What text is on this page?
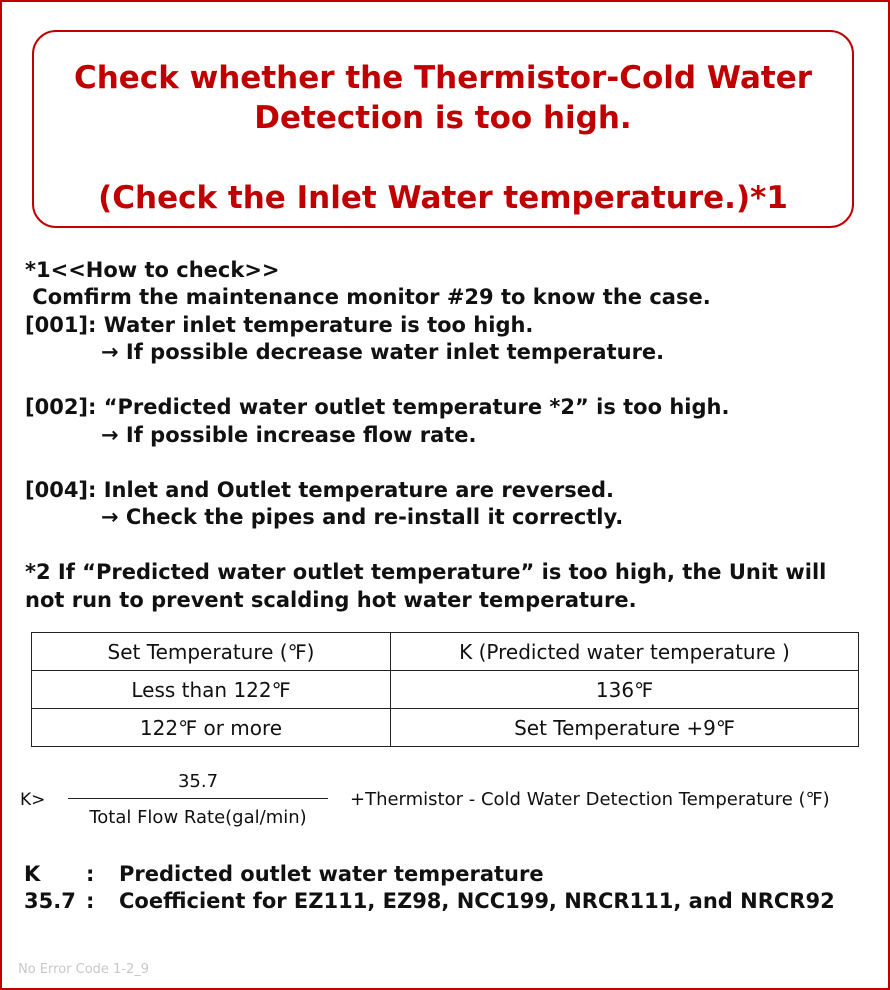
Check whether the Thermistor-Cold Water
Detection is too high.
(Check the Inlet Water temperature.)*1
*1<<How to check>>
Comfirm the maintenance monitor #29 to know the case.
[001]: Water inlet temperature is too high.
→ If possible decrease water inlet temperature.
[002]: “Predicted water outlet temperature *2” is too high.
→ If possible increase flow rate.
[004]: Inlet and Outlet temperature are reversed.
→ Check the pipes and re-install it correctly.
*2 If “Predicted water outlet temperature” is too high, the Unit will
not run to prevent scalding hot water temperature.
Set Temperature (℉)	K (Predicted water temperature )
Less than 122℉	136℉
122℉ or more	Set Temperature +9℉
K>
35.7
Total Flow Rate(gal/min)
+Thermistor - Cold Water Detection Temperature (℉)
K : Predicted outlet water temperature
35.7 : Coefficient for EZ111, EZ98, NCC199, NRCR111, and NRCR92
No Error Code 1-2_9
